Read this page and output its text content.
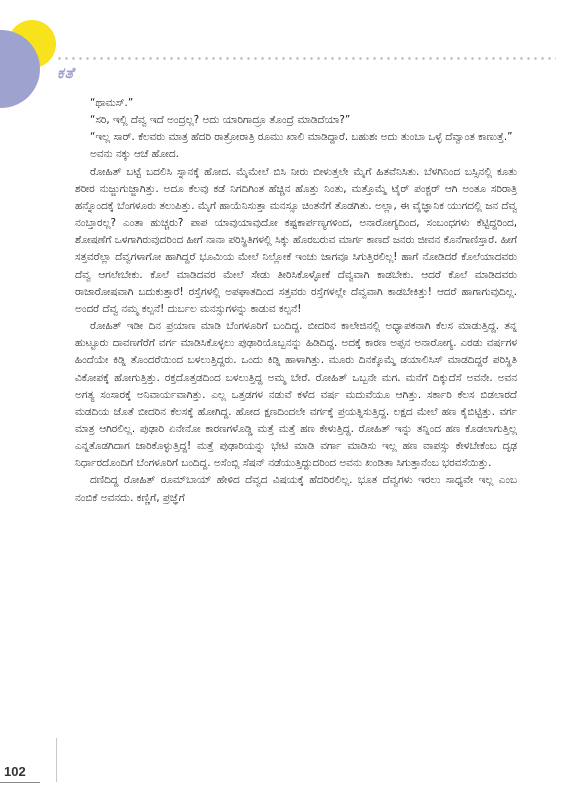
ಕತೆ

“ಥಾಮಸ್.”

“ಸರಿ, ಇಲ್ಲಿ ದೆವ್ವ ಇದೆ ಅಂದ್ರಲ್ಲ? ಅದು ಯಾರಿಗಾದ್ರೂ ತೊಂದ್ರೆ ಮಾಡಿದೆಯಾ?”

“ಇಲ್ಲ ಸಾರ್. ಕೆಲವರು ಮಾತ್ರ ಹೆದರಿ ರಾತ್ರೋರಾತ್ರಿ ರೂಮು ಖಾಲಿ ಮಾಡಿದ್ದಾರೆ. ಬಹುಶಃ ಅದು ತುಂಬಾ ಒಳ್ಳೆ ದೆವ್ವಾಂತ ಕಾಣುತ್ತೆ.”

ಅವನು ನಕ್ಕು ಆಚೆ ಹೋದ.

ರೋಹಿತ್ ಬಟ್ಟೆ ಬದಲಿಸಿ ಸ್ನಾನಕ್ಕೆ ಹೋದ. ಮೈಮೇಲೆ ಬಿಸಿ ನೀರು ಬೀಳುತ್ತಲೇ ಮೈಗೆ ಹಿತವೆನಿಸಿತು. ಬೆಳಗಿನಿಂದ ಬಸ್ಸಿನಲ್ಲಿ ಕೂತು ಶರೀರ ನುಜ್ಜುಗುಜ್ಜಾಗಿತ್ತು. ಅದೂ ಕೆಲವು ಕಡೆ ನಿಗದಿಗಿಂತ ಹೆಚ್ಚಿನ ಹೊತ್ತು ನಿಂತು, ಮತ್ತೊಮ್ಮೆ ಟೈರ್ ಪಂಕ್ಚರ್ ಆಗಿ ಅಂತೂ ಸರಿರಾತ್ರಿ ಹನ್ನೊಂದಕ್ಕೆ ಬೆಂಗಳೂರು ತಲುಪಿತ್ತು. ಮೈಗೆ ಹಾಯೆನಿಸುತ್ತಾ ಮನಸ್ಸೂ ಚಿಂತನೆಗೆ ತೊಡಗಿತು. ಅಲ್ಲಾ, ಈ ವೈಜ್ಞಾನಿಕ ಯುಗದಲ್ಲಿ ಜನ ದೆವ್ವ ನಂಬ್ತಾರಲ್ಲ? ಎಂತಾ ಹುಚ್ಚರು? ಪಾಪ ಯಾವುಯಾವುದೋ ಕಷ್ಟಕಾರ್ಪಣ್ಯಗಳಿಂದ, ಅನಾರೋಗ್ಯದಿಂದ, ಸಂಬಂಧಗಳು ಕೆಟ್ಟಿದ್ದರಿಂದ, ಶೋಷಣೆಗೆ ಒಳಗಾಗಿರುವುದರಿಂದ ಹೀಗೆ ನಾನಾ ಪರಿಸ್ಥಿತಿಗಳಲ್ಲಿ ಸಿಕ್ಕು ಹೊರಬರುವ ಮಾರ್ಗ ಕಾಣದೆ ಜನರು ಜೀವನ ಕೊನೆಗಾಣಿಸ್ತಾರೆ. ಹೀಗೆ ಸತ್ತವರೆಲ್ಲಾ ದೆವ್ವಗಳಾಗೋ ಹಾಗಿದ್ದರೆ ಭೂಮಿಯ ಮೇಲೆ ನಿಲ್ಲೋಕೆ ಇಂಚು ಜಾಗವೂ ಸಿಗುತ್ತಿರಲಿಲ್ಲ! ಹಾಗೆ ನೋಡಿದರೆ ಕೊಲೆಯಾದವರು ದೆವ್ವ ಆಗಲೇಬೇಕು. ಕೊಲೆ ಮಾಡಿದವರ ಮೇಲೆ ಸೇಡು ತೀರಿಸಿಕೊಳ್ಳೋಕೆ ದೆವ್ವವಾಗಿ ಕಾಡಬೇಕು. ಆದರೆ ಕೊಲೆ ಮಾಡಿದವರು ರಾಜಾರೋಷವಾಗಿ ಬದುಕುತ್ತಾರೆ! ರಸ್ತೆಗಳಲ್ಲಿ ಅಪಘಾತದಿಂದ ಸತ್ತವರು ರಸ್ತೆಗಳಲ್ಲೇ ದೆವ್ವವಾಗಿ ಕಾಡಬೇಕಿತ್ತು! ಆದರೆ ಹಾಗಾಗುವುದಿಲ್ಲ. ಅಂದರೆ ದೆವ್ವ ನಮ್ಮ ಕಲ್ಪನೆ! ದುರ್ಬಲ ಮನಸ್ಸುಗಳನ್ನು ಕಾಡುವ ಕಲ್ಪನೆ!

ರೋಹಿತ್ ಇಡೀ ದಿನ ಪ್ರಯಾಣ ಮಾಡಿ ಬೆಂಗಳೂರಿಗೆ ಬಂದಿದ್ದ. ಬೀದರಿನ ಕಾಲೇಜಿನಲ್ಲಿ ಅಧ್ಯಾಪಕನಾಗಿ ಕೆಲಸ ಮಾಡುತ್ತಿದ್ದ. ತನ್ನ ಹುಟ್ಟೂರು ದಾವಣಗೆರೆಗೆ ವರ್ಗ ಮಾಡಿಸಿಕೊಳ್ಳಲು ಪುಢಾರಿಯೊಬ್ಬನನ್ನು ಹಿಡಿದಿದ್ದ. ಅದಕ್ಕೆ ಕಾರಣ ಅಪ್ಪನ ಅನಾರೋಗ್ಯ. ಎರಡು ವರ್ಷಗಳ ಹಿಂದೆಯೇ ಕಿಡ್ನಿ ತೊಂದರೆಯಿಂದ ಬಳಲುತ್ತಿದ್ದರು. ಒಂದು ಕಿಡ್ನಿ ಹಾಳಾಗಿತ್ತು. ಮೂರು ದಿನಕ್ಕೊಮ್ಮೆ ಡಯಾಲಿಸಿಸ್ ಮಾಡದಿದ್ದರೆ ಪರಿಸ್ಥಿತಿ ವಿಕೋಪಕ್ಕೆ ಹೋಗುತ್ತಿತ್ತು. ರಕ್ತದೊತ್ತಡದಿಂದ ಬಳಲುತ್ತಿದ್ದ ಅಮ್ಮ ಬೇರೆ. ರೋಹಿತ್ ಒಬ್ಬನೇ ಮಗ. ಮನೆಗೆ ದಿಕ್ಕುದೆಸೆ ಅವನೇ. ಅವನ ಅಗತ್ಯ ಸಂಸಾರಕ್ಕೆ ಅನಿವಾರ್ಯವಾಗಿತ್ತು. ಎಲ್ಲ ಒತ್ತಡಗಳ ನಡುವೆ ಕಳೆದ ವರ್ಷ ಮದುವೆಯೂ ಆಗಿತ್ತು. ಸರ್ಕಾರಿ ಕೆಲಸ ಬಿಡಲಾರದೆ ಮಡದಿಯ ಜೊತೆ ಬೀದರಿನ ಕೆಲಸಕ್ಕೆ ಹೋಗಿದ್ದ. ಹೋದ ಕ್ಷಣದಿಂದಲೇ ವರ್ಗಕ್ಕೆ ಪ್ರಯತ್ನಿಸುತ್ತಿದ್ದ. ಲಕ್ಷದ ಮೇಲೆ ಹಣ ಕೈಬಿಟ್ಟಿತ್ತು. ವರ್ಗ ಮಾತ್ರ ಆಗಿರಲಿಲ್ಲ. ಪುಢಾರಿ ಏನೇನೋ ಕಾರಣಗಳೊಡ್ಡಿ ಮತ್ತೆ ಮತ್ತೆ ಹಣ ಕೇಳುತ್ತಿದ್ದ. ರೋಹಿತ್ ಇನ್ನು ತನ್ನಿಂದ ಹಣ ಕೊಡಲಾಗುತ್ತಿಲ್ಲ ಎನ್ನತೊಡಗಿದಾಗ ಜಾರಿಕೊಳ್ಳುತ್ತಿದ್ದ! ಮತ್ತೆ ಪುಢಾರಿಯನ್ನು ಭೇಟಿ ಮಾಡಿ ವರ್ಗಾ ಮಾಡಿಸು ಇಲ್ಲ ಹಣ ವಾಪಸ್ಸು ಕೇಳಬೇಕೆಂಬ ದೃಢ ನಿರ್ಧಾರದೊಂದಿಗೆ ಬೆಂಗಳೂರಿಗೆ ಬಂದಿದ್ದ. ಅಸೆಂಬ್ಲಿ ಸೆಷನ್ ನಡೆಯುತ್ತಿದ್ದುದರಿಂದ ಅವನು ಖಂಡಿತಾ ಸಿಗುತ್ತಾನೆಂಬ ಭರವಸೆಯಿತ್ತು.

ದಣಿದಿದ್ದ ರೋಹಿತ್ ರೂಮ್‌ಬಾಯ್ ಹೇಳಿದ ದೆವ್ವದ ವಿಷಯಕ್ಕೆ ಹೆದರಿರಲಿಲ್ಲ. ಭೂತ ದೆವ್ವಗಳು ಇರಲು ಸಾಧ್ಯವೇ ಇಲ್ಲ ಎಂಬ ನಂಬಿಕೆ ಅವನದು. ಕಣ್ಣಿಗೆ, ಪ್ರಜ್ಞೆಗೆ

102
